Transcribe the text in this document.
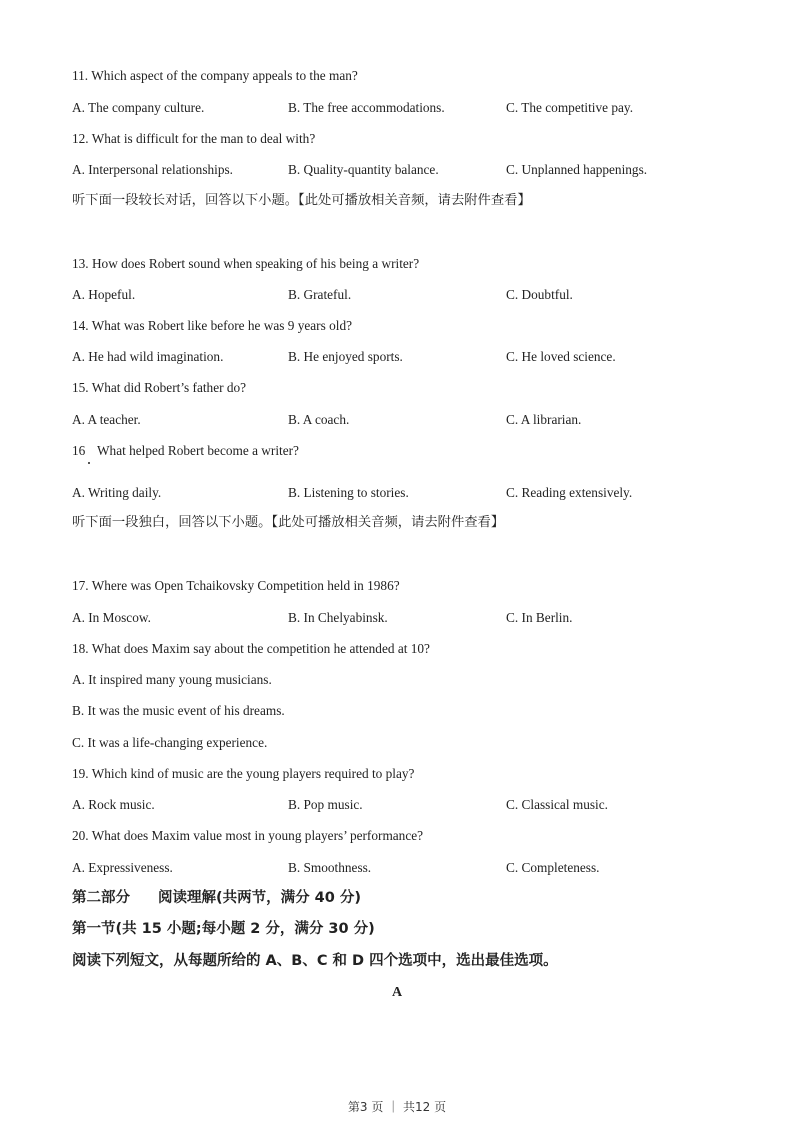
11. Which aspect of the company appeals to the man?
A. The company culture.	B. The free accommodations.	C. The competitive pay.
12. What is difficult for the man to deal with?
A. Interpersonal relationships.	B. Quality-quantity balance.	C. Unplanned happenings.
听下面一段较长对话，回答以下小题。【此处可播放相关音频，请去附件查看】
13. How does Robert sound when speaking of his being a writer?
A. Hopeful.	B. Grateful.	C. Doubtful.
14. What was Robert like before he was 9 years old?
A. He had wild imagination.	B. He enjoyed sports.	C. He loved science.
15. What did Robert’s father do?
A. A teacher.	B. A coach.	C. A librarian.
16 What helped Robert become a writer?
A. Writing daily.	B. Listening to stories.	C. Reading extensively.
听下面一段独白，回答以下小题。【此处可播放相关音频，请去附件查看】
17. Where was Open Tchaikovsky Competition held in 1986?
A. In Moscow.	B. In Chelyabinsk.	C. In Berlin.
18. What does Maxim say about the competition he attended at 10?
A. It inspired many young musicians.
B. It was the music event of his dreams.
C. It was a life-changing experience.
19. Which kind of music are the young players required to play?
A. Rock music.	B. Pop music.	C. Classical music.
20. What does Maxim value most in young players’ performance?
A. Expressiveness.	B. Smoothness.	C. Completeness.
第二部分 阅读理解(共两节，满分 40 分)
第一节(共 15 小题;每小题 2 分，满分 30 分)
阅读下列短文，从每题所给的 A、B、C 和 D 四个选项中，选出最佳选项。
A
第3 页 ｜ 共12 页
